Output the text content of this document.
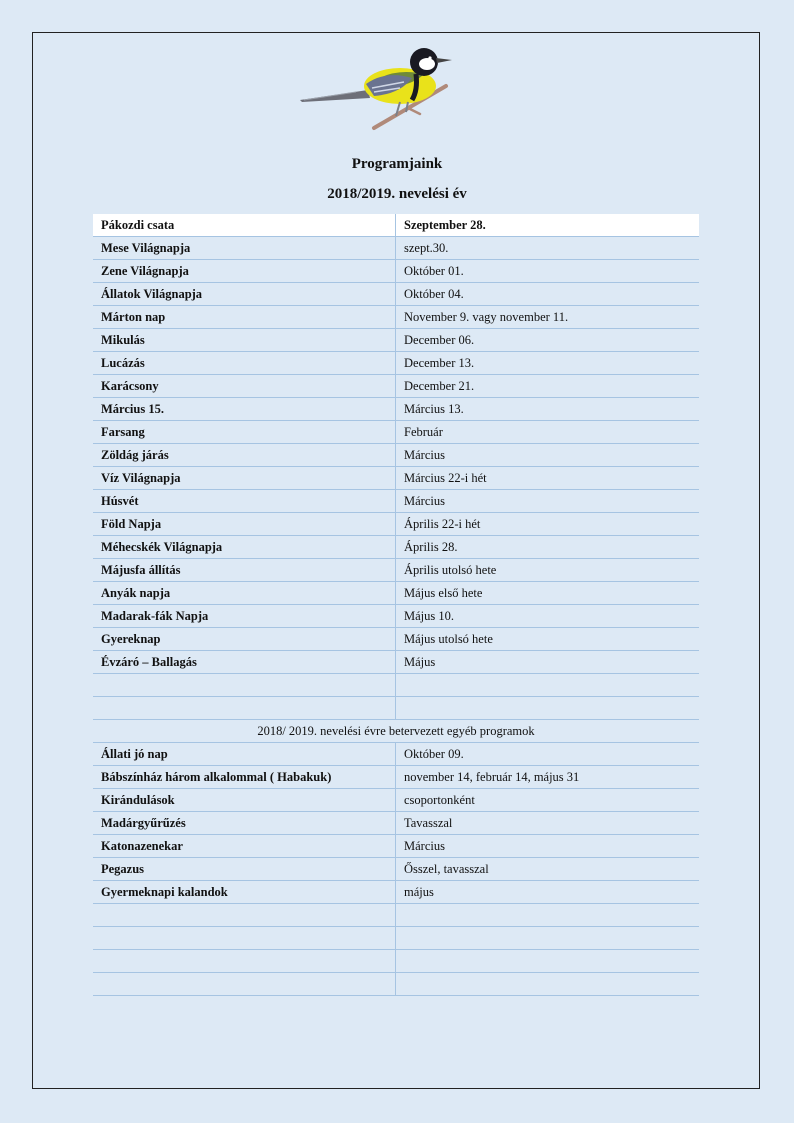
Programjaink
2018/2019. nevelési év
Pákozdi csata	Szeptember 28.
Mese Világnapja	szept.30.
Zene Világnapja	Október 01.
Állatok Világnapja	Október 04.
Márton nap	November 9. vagy november 11.
Mikulás	December 06.
Lucázás	December 13.
Karácsony	December 21.
Március 15.	Március 13.
Farsang	Február
Zöldág járás	Március
Víz Világnapja	Március 22-i hét
Húsvét	Március
Föld Napja	Április 22-i hét
Méhecskék Világnapja	Április 28.
Májusfa állítás	Április utolsó hete
Anyák napja	Május első hete
Madarak-fák Napja	Május 10.
Gyereknap	Május utolsó hete
Évzáró – Ballagás	Május

2018/ 2019. nevelési évre betervezett egyéb programok	
Állati jó nap	Október 09.
Bábszínház három alkalommal ( Habakuk)	november 14, február 14, május 31
Kirándulások	csoportonként
Madárgyűrűzés	Tavasszal
Katonazenekar	Március
Pegazus	Ősszel, tavasszal
Gyermeknapi kalandok	május
